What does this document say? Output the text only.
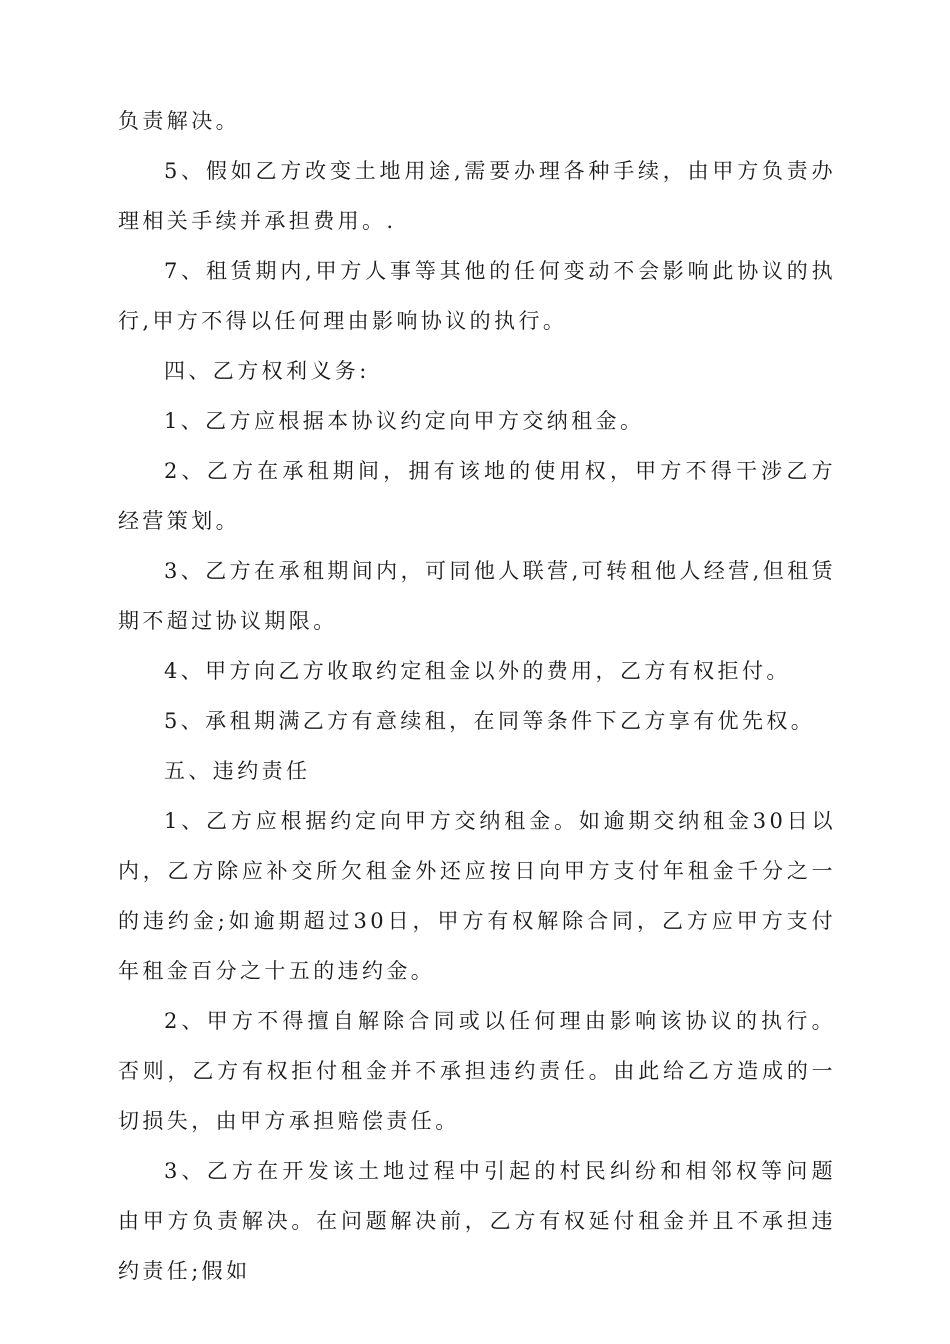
负责解决。

5、假如乙方改变土地用途,需要办理各种手续，由甲方负责办理相关手续并承担费用。.

7、租赁期内,甲方人事等其他的任何变动不会影响此协议的执行,甲方不得以任何理由影响协议的执行。

四、乙方权利义务:

1、乙方应根据本协议约定向甲方交纳租金。

2、乙方在承租期间，拥有该地的使用权，甲方不得干涉乙方经营策划。

3、乙方在承租期间内，可同他人联营,可转租他人经营,但租赁期不超过协议期限。

4、甲方向乙方收取约定租金以外的费用，乙方有权拒付。

5、承租期满乙方有意续租，在同等条件下乙方享有优先权。

五、违约责任

1、乙方应根据约定向甲方交纳租金。如逾期交纳租金30日以内，乙方除应补交所欠租金外还应按日向甲方支付年租金千分之一的违约金;如逾期超过30日，甲方有权解除合同，乙方应甲方支付年租金百分之十五的违约金。

2、甲方不得擅自解除合同或以任何理由影响该协议的执行。否则，乙方有权拒付租金并不承担违约责任。由此给乙方造成的一切损失，由甲方承担赔偿责任。

3、乙方在开发该土地过程中引起的村民纠纷和相邻权等问题由甲方负责解决。在问题解决前，乙方有权延付租金并且不承担违约责任;假如
